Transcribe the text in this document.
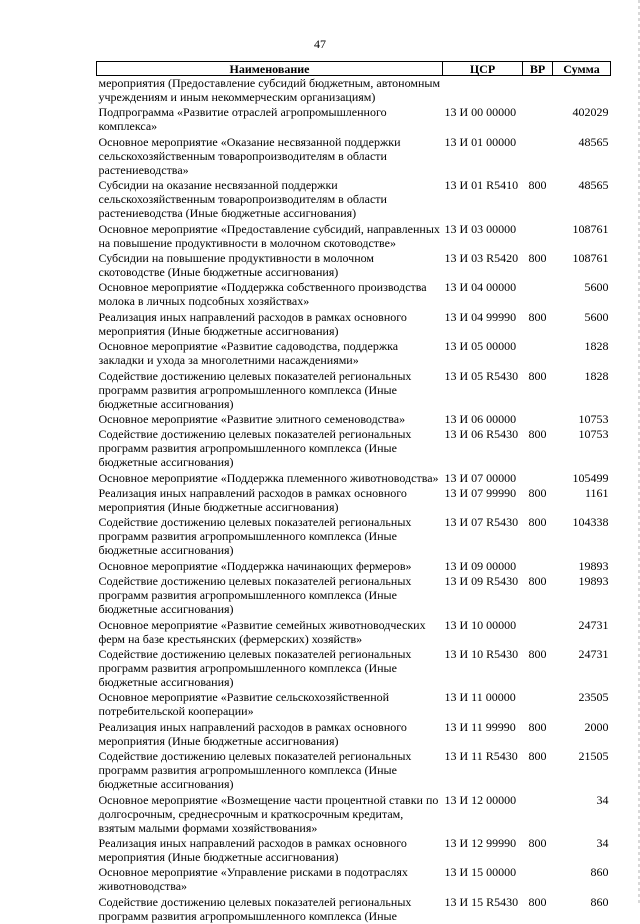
47
Наименование	ЦСР	ВР	Сумма
мероприятия (Предоставление субсидий бюджетным, автономным учреждениям и иным некоммерческим организациям)			
Подпрограмма «Развитие отраслей агропромышленного комплекса»	13 И 00 00000		402029
Основное мероприятие «Оказание несвязанной поддержки сельскохозяйственным товаропроизводителям в области растениеводства»	13 И 01 00000		48565
Субсидии на оказание несвязанной поддержки сельскохозяйственным товаропроизводителям в области растениеводства (Иные бюджетные ассигнования)	13 И 01 R5410	800	48565
Основное мероприятие «Предоставление субсидий, направленных на повышение продуктивности в молочном скотоводстве»	13 И 03 00000		108761
Субсидии на повышение продуктивности в молочном скотоводстве (Иные бюджетные ассигнования)	13 И 03 R5420	800	108761
Основное мероприятие «Поддержка собственного производства молока в личных подсобных хозяйствах»	13 И 04 00000		5600
Реализация иных направлений расходов в рамках основного мероприятия (Иные бюджетные ассигнования)	13 И 04 99990	800	5600
Основное мероприятие «Развитие садоводства, поддержка закладки и ухода за многолетними насаждениями»	13 И 05 00000		1828
Содействие достижению целевых показателей региональных программ развития агропромышленного комплекса (Иные бюджетные ассигнования)	13 И 05 R5430	800	1828
Основное мероприятие «Развитие элитного семеноводства»	13 И 06 00000		10753
Содействие достижению целевых показателей региональных программ развития агропромышленного комплекса (Иные бюджетные ассигнования)	13 И 06 R5430	800	10753
Основное мероприятие «Поддержка племенного животноводства»	13 И 07 00000		105499
Реализация иных направлений расходов в рамках основного мероприятия (Иные бюджетные ассигнования)	13 И 07 99990	800	1161
Содействие достижению целевых показателей региональных программ развития агропромышленного комплекса (Иные бюджетные ассигнования)	13 И 07 R5430	800	104338
Основное мероприятие «Поддержка начинающих фермеров»	13 И 09 00000		19893
Содействие достижению целевых показателей региональных программ развития агропромышленного комплекса (Иные бюджетные ассигнования)	13 И 09 R5430	800	19893
Основное мероприятие «Развитие семейных животноводческих ферм на базе крестьянских (фермерских) хозяйств»	13 И 10 00000		24731
Содействие достижению целевых показателей региональных программ развития агропромышленного комплекса (Иные бюджетные ассигнования)	13 И 10 R5430	800	24731
Основное мероприятие «Развитие сельскохозяйственной потребительской кооперации»	13 И 11 00000		23505
Реализация иных направлений расходов в рамках основного мероприятия (Иные бюджетные ассигнования)	13 И 11 99990	800	2000
Содействие достижению целевых показателей региональных программ развития агропромышленного комплекса (Иные бюджетные ассигнования)	13 И 11 R5430	800	21505
Основное мероприятие «Возмещение части процентной ставки по долгосрочным, среднесрочным и краткосрочным кредитам, взятым малыми формами хозяйствования»	13 И 12 00000		34
Реализация иных направлений расходов в рамках основного мероприятия (Иные бюджетные ассигнования)	13 И 12 99990	800	34
Основное мероприятие «Управление рисками в подотраслях животноводства»	13 И 15 00000		860
Содействие достижению целевых показателей региональных программ развития агропромышленного комплекса (Иные	13 И 15 R5430	800	860
